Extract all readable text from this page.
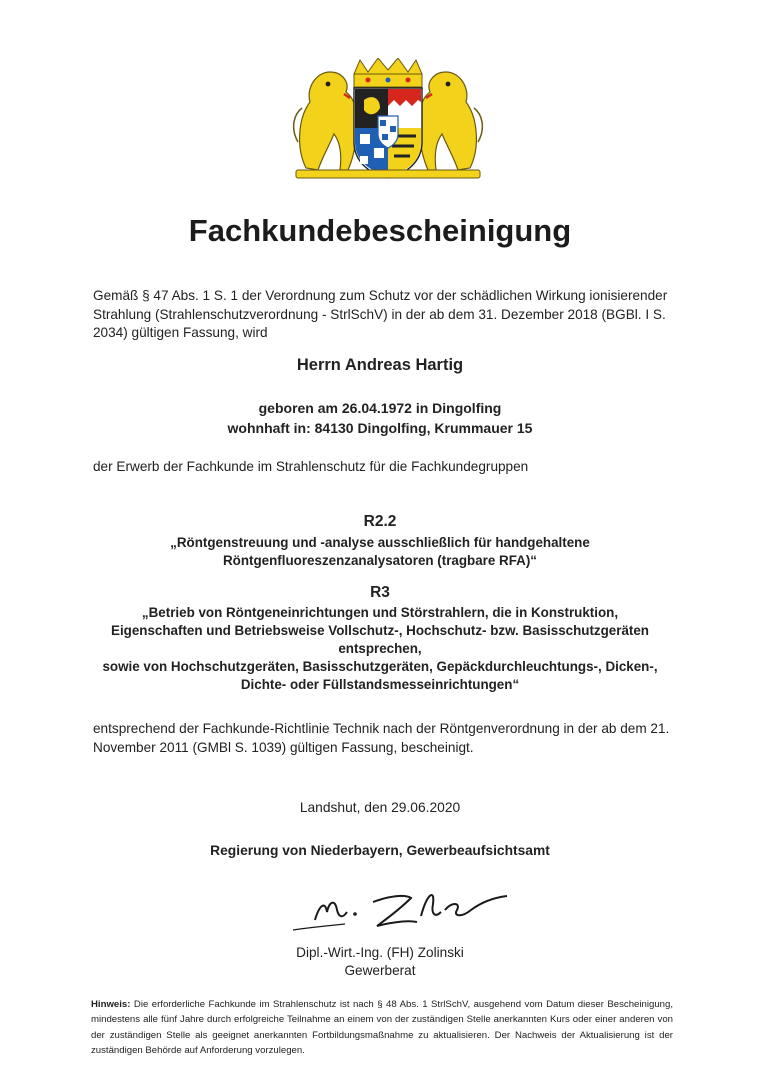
Fachkundebescheinigung
Gemäß § 47 Abs. 1 S. 1 der Verordnung zum Schutz vor der schädlichen Wirkung ionisierender
Strahlung (Strahlenschutzverordnung - StrlSchV) in der ab dem 31. Dezember 2018 (BGBl. I S.
2034) gültigen Fassung, wird
Herrn Andreas Hartig
geboren am 26.04.1972 in Dingolfing
wohnhaft in: 84130 Dingolfing, Krummauer 15
der Erwerb der Fachkunde im Strahlenschutz für die Fachkundegruppen
R2.2
„Röntgenstreuung und -analyse ausschließlich für handgehaltene
Röntgenfluoreszenzanalysatoren (tragbare RFA)“
R3
„Betrieb von Röntgeneinrichtungen und Störstrahlern, die in Konstruktion,
Eigenschaften und Betriebsweise Vollschutz-, Hochschutz- bzw. Basisschutzgeräten
entsprechen,
sowie von Hochschutzgeräten, Basisschutzgeräten, Gepäckdurchleuchtungs-, Dicken-,
Dichte- oder Füllstandsmesseinrichtungen“
entsprechend der Fachkunde-Richtlinie Technik nach der Röntgenverordnung in der ab dem 21.
November 2011 (GMBl S. 1039) gültigen Fassung, bescheinigt.
Landshut, den 29.06.2020
Regierung von Niederbayern, Gewerbeaufsichtsamt
Dipl.-Wirt.-Ing. (FH) Zolinski
Gewerberat
Hinweis: Die erforderliche Fachkunde im Strahlenschutz ist nach § 48 Abs. 1 StrlSchV, ausgehend vom Datum dieser Bescheinigung, mindestens alle fünf Jahre durch erfolgreiche Teilnahme an einem von der zuständigen Stelle anerkannten Kurs oder einer anderen von der zuständigen Stelle als geeignet anerkannten Fortbildungsmaßnahme zu aktualisieren. Der Nachweis der Aktualisierung ist der zuständigen Behörde auf Anforderung vorzulegen.
